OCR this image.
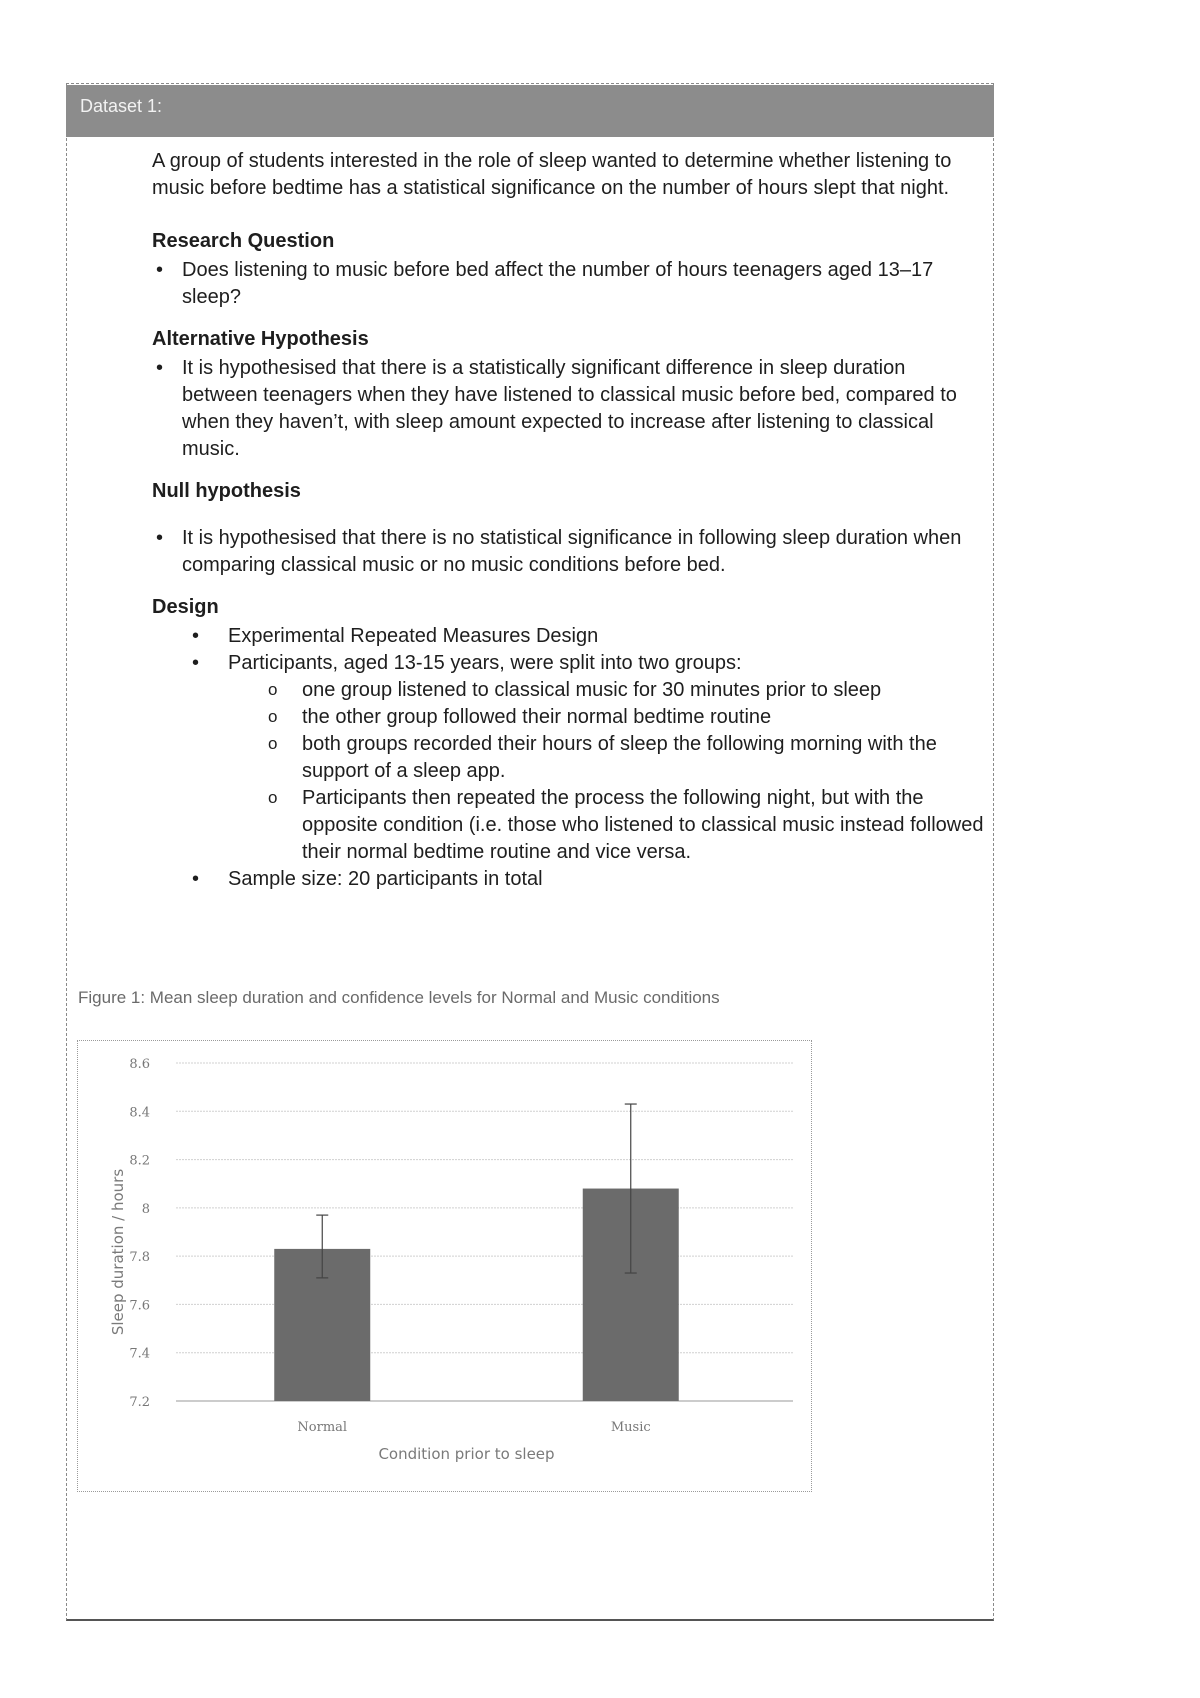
Dataset 1:

A group of students interested in the role of sleep wanted to determine whether listening to music before bedtime has a statistical significance on the number of hours slept that night.

Research Question
• Does listening to music before bed affect the number of hours teenagers aged 13–17 sleep?
Alternative Hypothesis
• It is hypothesised that there is a statistically significant difference in sleep duration between teenagers when they have listened to classical music before bed, compared to when they haven’t, with sleep amount expected to increase after listening to classical music.
Null hypothesis
• It is hypothesised that there is no statistical significance in following sleep duration when comparing classical music or no music conditions before bed.
Design
• Experimental Repeated Measures Design
• Participants, aged 13-15 years, were split into two groups:
o one group listened to classical music for 30 minutes prior to sleep
o the other group followed their normal bedtime routine
o both groups recorded their hours of sleep the following morning with the support of a sleep app.
o Participants then repeated the process the following night, but with the opposite condition (i.e. those who listened to classical music instead followed their normal bedtime routine and vice versa.
• Sample size: 20 participants in total
Figure 1: Mean sleep duration and confidence levels for Normal and Music conditions
7.2
7.4
7.6
7.8
8
8.2
8.4
8.6
Normal	Music
Condition prior to sleep
Sleep duration / hours
